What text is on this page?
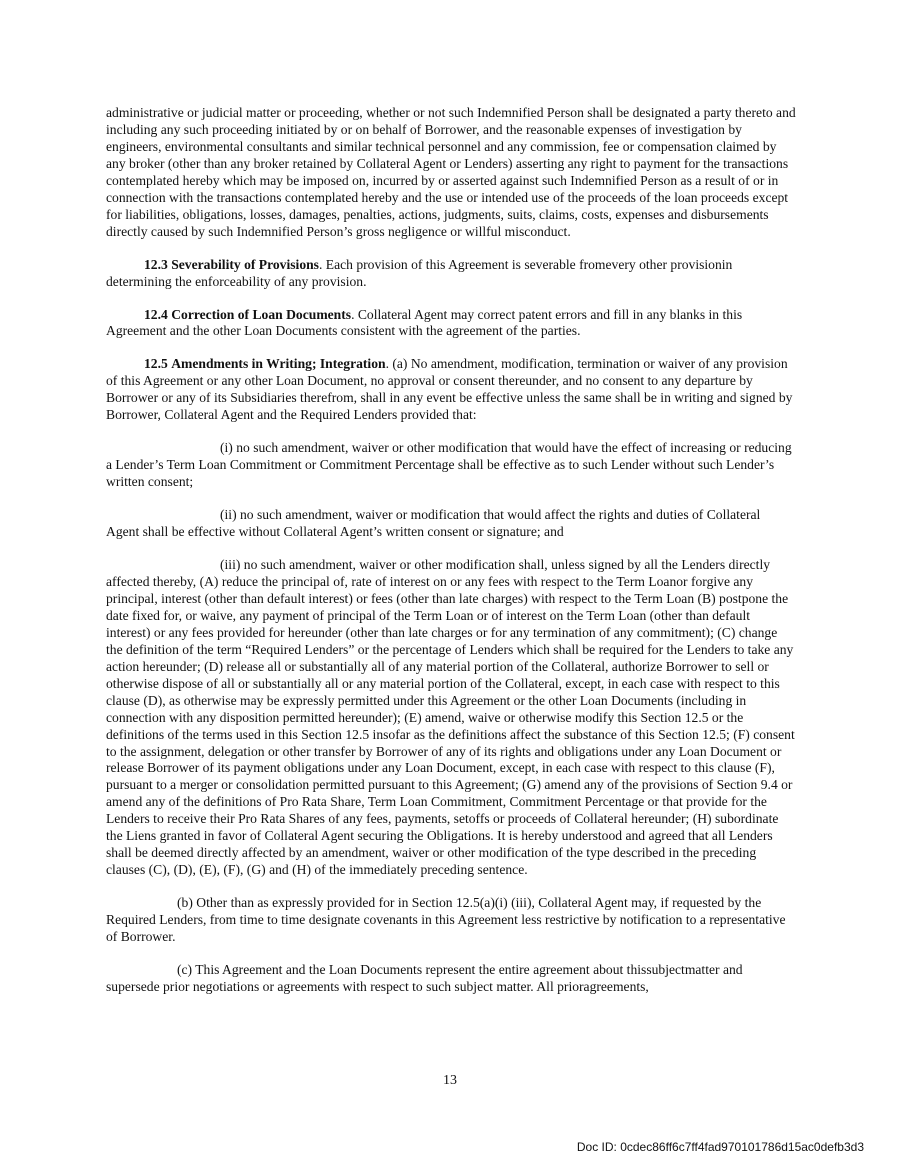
administrative or judicial matter or proceeding, whether or not such Indemnified Person shall be designated a party thereto and including any such proceeding initiated by or on behalf of Borrower, and the reasonable expenses of investigation by engineers, environmental consultants and similar technical personnel and any commission, fee or compensation claimed by any broker (other than any broker retained by Collateral Agent or Lenders) asserting any right to payment for the transactions contemplated hereby which may be imposed on, incurred by or asserted against such Indemnified Person as a result of or in connection with the transactions contemplated hereby and the use or intended use of the proceeds of the loan proceeds except for liabilities, obligations, losses, damages, penalties, actions, judgments, suits, claims, costs, expenses and disbursements directly caused by such Indemnified Person’s gross negligence or willful misconduct.

12.3 Severability of Provisions. Each provision of this Agreement is severable fromevery other provisionin determining the enforceability of any provision.

12.4 Correction of Loan Documents. Collateral Agent may correct patent errors and fill in any blanks in this Agreement and the other Loan Documents consistent with the agreement of the parties.

12.5 Amendments in Writing; Integration. (a) No amendment, modification, termination or waiver of any provision of this Agreement or any other Loan Document, no approval or consent thereunder, and no consent to any departure by Borrower or any of its Subsidiaries therefrom, shall in any event be effective unless the same shall be in writing and signed by Borrower, Collateral Agent and the Required Lenders provided that:

(i) no such amendment, waiver or other modification that would have the effect of increasing or reducing a Lender’s Term Loan Commitment or Commitment Percentage shall be effective as to such Lender without such Lender’s written consent;

(ii) no such amendment, waiver or modification that would affect the rights and duties of Collateral Agent shall be effective without Collateral Agent’s written consent or signature; and

(iii) no such amendment, waiver or other modification shall, unless signed by all the Lenders directly affected thereby, (A) reduce the principal of, rate of interest on or any fees with respect to the Term Loanor forgive any principal, interest (other than default interest) or fees (other than late charges) with respect to the Term Loan (B) postpone the date fixed for, or waive, any payment of principal of the Term Loan or of interest on the Term Loan (other than default interest) or any fees provided for hereunder (other than late charges or for any termination of any commitment); (C) change the definition of the term “Required Lenders” or the percentage of Lenders which shall be required for the Lenders to take any action hereunder; (D) release all or substantially all of any material portion of the Collateral, authorize Borrower to sell or otherwise dispose of all or substantially all or any material portion of the Collateral, except, in each case with respect to this clause (D), as otherwise may be expressly permitted under this Agreement or the other Loan Documents (including in connection with any disposition permitted hereunder); (E) amend, waive or otherwise modify this Section 12.5 or the definitions of the terms used in this Section 12.5 insofar as the definitions affect the substance of this Section 12.5; (F) consent to the assignment, delegation or other transfer by Borrower of any of its rights and obligations under any Loan Document or release Borrower of its payment obligations under any Loan Document, except, in each case with respect to this clause (F), pursuant to a merger or consolidation permitted pursuant to this Agreement; (G) amend any of the provisions of Section 9.4 or amend any of the definitions of Pro Rata Share, Term Loan Commitment, Commitment Percentage or that provide for the Lenders to receive their Pro Rata Shares of any fees, payments, setoffs or proceeds of Collateral hereunder; (H) subordinate the Liens granted in favor of Collateral Agent securing the Obligations. It is hereby understood and agreed that all Lenders shall be deemed directly affected by an amendment, waiver or other modification of the type described in the preceding clauses (C), (D), (E), (F), (G) and (H) of the immediately preceding sentence.

(b) Other than as expressly provided for in Section 12.5(a)(i) (iii), Collateral Agent may, if requested by the Required Lenders, from time to time designate covenants in this Agreement less restrictive by notification to a representative of Borrower.

(c) This Agreement and the Loan Documents represent the entire agreement about thissubjectmatter and supersede prior negotiations or agreements with respect to such subject matter. All prioragreements,

13
Doc ID: 0cdec86ff6c7ff4fad970101786d15ac0defb3d3
